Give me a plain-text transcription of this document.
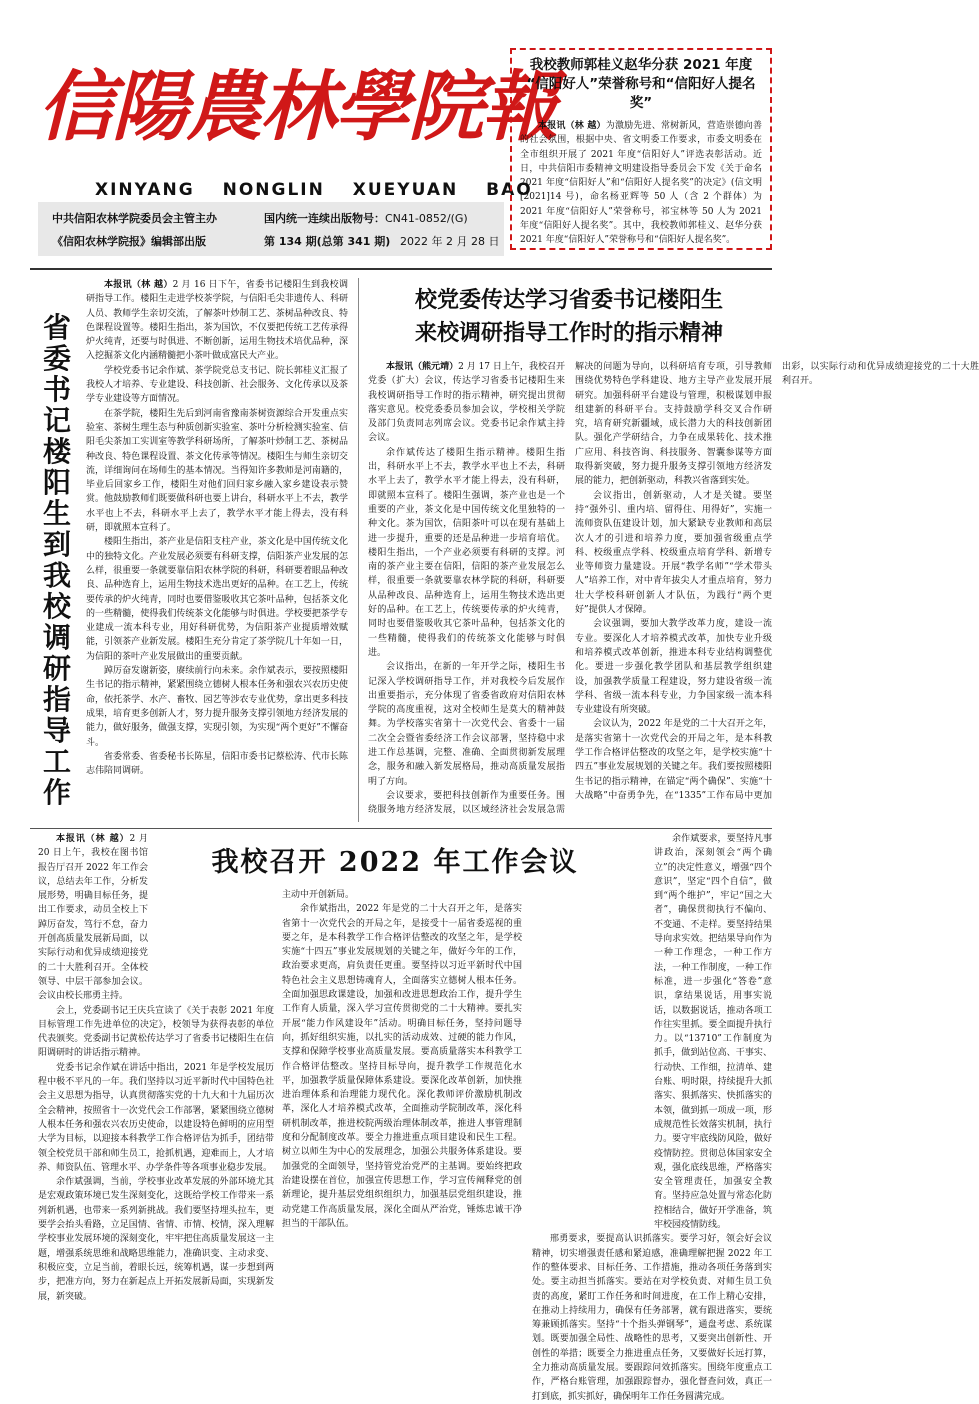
信陽農林學院報
XINYANG NONGLIN XUEYUAN BAO
中共信阳农林学院委员会主管主办	国内统一连续出版物号：CN41-0852/(G)
《信阳农林学院报》编辑部出版	第 134 期(总第 341 期) 2022 年 2 月 28 日
我校教师郭桂义赵华分获 2021 年度
“信阳好人”荣誉称号和“信阳好人提名奖”
本报讯（林 越）为激励先进、常树新风，营造崇德向善的社会氛围，根据中央、省文明委工作要求，市委文明委在全市组织开展了 2021 年度“信阳好人”评选表彰活动。近日，中共信阳市委精神文明建设指导委员会下发《关于命名 2021 年度“信阳好人”和“信阳好人提名奖”的决定》(信文明[2021]14 号)，命名杨亚辉等 50 人（含 2 个群体）为 2021 年度“信阳好人”荣誉称号，祁宝林等 50 人为 2021 年度“信阳好人提名奖”。其中，我校教师郭桂义、赵华分获 2021 年度“信阳好人”荣誉称号和“信阳好人提名奖”。
省委书记楼阳生到我校调研指导工作

本报讯（林 越）2 月 16 日下午，省委书记楼阳生到我校调研指导工作。楼阳生走进学校茶学院，与信阳毛尖非遗传人、科研人员、教师学生亲切交流，了解茶叶炒制工艺、茶树品种改良、特色课程设置等。楼阳生指出，茶为国饮，不仅要把传统工艺传承得炉火纯青，还要与时俱进、不断创新，运用生物技术培优品种，深入挖掘茶文化内涵精髓把小茶叶做成富民大产业。

学校党委书记余作斌、茶学院党总支书记、院长郭桂义汇报了我校人才培养、专业建设、科技创新、社会服务、文化传承以及茶学专业建设等方面情况。

在茶学院，楼阳生先后到河南省豫南茶树资源综合开发重点实验室、茶树生理生态与种质创新实验室、茶叶分析检测实验室、信阳毛尖茶加工实训室等教学科研场所，了解茶叶炒制工艺、茶树品种改良、特色课程设置、茶文化传承等情况。楼阳生与师生亲切交流，详细询问在场师生的基本情况。当得知许多教师是河南籍的，毕业后回家乡工作，楼阳生对他们回归家乡融入家乡建设表示赞赏。他鼓励教师们既要做科研也要上讲台，科研水平上不去，教学水平也上不去，科研水平上去了，教学水平才能上得去，没有科研，即就照本宣科了。

楼阳生指出，茶产业是信阳支柱产业，茶文化是中国传统文化中的独特文化。产业发展必须要有科研支撑，信阳茶产业发展的怎么样，很重要一条就要靠信阳农林学院的科研，科研要着眼品种改良、品种选育上，运用生物技术选出更好的品种。在工艺上，传统要传承的炉火纯青，同时也要借鉴吸收其它茶叶品种，包括茶文化的一些精髓，使得我们传统茶文化能够与时俱进。学校要把茶学专业建成一流本科专业，用好科研优势，为信阳茶产业提质增效赋能，引领茶产业新发展。楼阳生充分肯定了茶学院几十年如一日，为信阳的茶叶产业发展做出的重要贡献。

踔厉奋发谢新姿，赓续前行向未来。余作斌表示，要按照楼阳生书记的指示精神，紧紧围绕立德树人根本任务和强农兴农历史使命，依托茶学、水产、畜牧、园艺等涉农专业优势，拿出更多科技成果，培育更多创新人才，努力提升服务支撑引领地方经济发展的能力，做好服务，做强支撑，实现引领，为实现“两个更好”不懈奋斗。

省委常委、省委秘书长陈星，信阳市委书记蔡松涛、代市长陈志伟陪同调研。

校党委传达学习省委书记楼阳生
来校调研指导工作时的指示精神

本报讯（熊元靖）2 月 17 日上午，我校召开党委（扩大）会议，传达学习省委书记楼阳生来我校调研指导工作时的指示精神，研究提出贯彻落实意见。校党委委员参加会议，学校相关学院及部门负责同志列席会议。党委书记余作斌主持会议。

余作斌传达了楼阳生指示精神。楼阳生指出，科研水平上不去，教学水平也上不去，科研水平上去了，教学水平才能上得去，没有科研，即就照本宣科了。楼阳生强调，茶产业也是一个重要的产业，茶文化是中国传统文化里独特的一种文化。茶为国饮，信阳茶叶可以在现有基础上进一步提升，重要的还是品种进一步培育培优。楼阳生指出，一个产业必须要有科研的支撑。河南的茶产业主要在信阳，信阳的茶产业发展怎么样，很重要一条就要靠农林学院的科研，科研要从品种改良、品种选育上，运用生物技术选出更好的品种。在工艺上，传统要传承的炉火纯青，同时也要借鉴吸收其它茶叶品种，包括茶文化的一些精髓，使得我们的传统茶文化能够与时俱进。

会议指出，在新的一年开学之际，楼阳生书记深入学校调研指导工作，并对我校今后发展作出重要指示，充分体现了省委省政府对信阳农林学院的高度重视，这对全校师生是莫大的精神鼓舞。为学校落实省第十一次党代会、省委十一届二次全会暨省委经济工作会议部署，坚持稳中求进工作总基调，完整、准确、全面贯彻新发展理念，服务和融入新发展格局，推动高质量发展指明了方向。

会议要求，要把科技创新作为重要任务。围绕服务地方经济发展，以区域经济社会发展急需解决的问题为导向，以科研培育专项，引导教师围绕优势特色学科建设、地方主导产业发展开展研究。加强科研平台建设与管理，积极谋划申报组建新的科研平台。支持鼓励学科交叉合作研究，培育研究新疆域，成长潜力大的科技创新团队。强化产学研结合，力争在成果转化、技术推广应用、科技咨询、科技服务、智囊参谋等方面取得新突破，努力提升服务支撑引领地方经济发展的能力，把创新驱动，科教兴省落到实处。

会议指出，创新驱动，人才是关键。要坚持“强外引、重内培、留得住、用得好”，实施一流师资队伍建设计划，加大紧缺专业教师和高层次人才的引进和培养力度，要加强省级重点学科、校级重点学科、校级重点培育学科、新增专业等师资力量建设。开展“教学名师”“学术带头人”培养工作，对中青年拔尖人才重点培育，努力壮大学校科研创新人才队伍，为践行“两个更好”提供人才保障。

会议强调，要加大教学改革力度，建设一流专业。要深化人才培养模式改革，加快专业升级和培养模式改革创新，推进本科专业结构调整优化。要进一步强化教学团队和基层教学组织建设，加强教学质量工程建设，努力建设省级一流学科、省级一流本科专业，力争国家级一流本科专业建设有所突破。

会议认为，2022 年是党的二十大召开之年，是落实省第十一次党代会的开局之年，是本科教学工作合格评估整改的攻坚之年，是学校实施“十四五”事业发展规划的关键之年。我们要按照楼阳生书记的指示精神，在锚定“两个确保”、实施“十大战略”中奋勇争先，在“1335”工作布局中更加出彩，以实际行动和优异成绩迎接党的二十大胜利召开。

我校召开 2022 年工作会议

本报讯（林 越）2 月 20 日上午，我校在图书馆报告厅召开 2022 年工作会议，总结去年工作，分析发展形势，明确目标任务，提出工作要求，动员全校上下踔厉奋发，笃行不怠，奋力开创高质量发展新局面，以实际行动和优异成绩迎接党的二十大胜利召开。全体校领导、中层干部参加会议。会议由校长邢勇主持。

会上，党委副书记王庆兵宣读了《关于表彰 2021 年度目标管理工作先进单位的决定》，校领导为获得表彰的单位代表颁奖。党委副书记黄松传达学习了省委书记楼阳生在信阳调研时的讲话指示精神。

党委书记余作斌在讲话中指出，2021 年是学校发展历程中极不平凡的一年。我们坚持以习近平新时代中国特色社会主义思想为指导，认真贯彻落实党的十九大和十九届历次全会精神，按照省十一次党代会工作部署，紧紧围绕立德树人根本任务和强农兴农历史使命，以建设特色鲜明的应用型大学为目标，以迎接本科教学工作合格评估为抓手，团结带领全校党员干部和师生员工，抢抓机遇，迎难而上，人才培养、师资队伍、管理水平、办学条件等各项事业稳步发展。

余作斌强调，当前，学校事业改革发展的外部环境尤其是宏观政策环境已发生深刻变化，这既给学校工作带来一系列新机遇，也带来一系列新挑战。我们要坚持埋头拉车，更要学会抬头看路，立足国情、省情、市情、校情，深入理解学校事业发展环境的深刻变化，牢牢把住高质量发展这一主题，增强系统思维和战略思维能力，准确识变、主动求变、积极应变，立足当前，着眼长远，统筹机遇，谋一步想到两步，把准方向，努力在新起点上开拓发展新局面，实现新发展，新突破。

主动中开创新局。

余作斌指出，2022 年是党的二十大召开之年，是落实省第十一次党代会的开局之年，是接受十一届省委巡视的重要之年，是本科教学工作合格评估整改的攻坚之年，是学校实施“十四五”事业发展规划的关键之年，做好今年的工作，政治要求更高，肩负责任更重。要坚持以习近平新时代中国特色社会主义思想铸魂育人，全面落实立德树人根本任务。全面加强思政课建设，加强和改进思想政治工作，提升学生工作育人质量，深入学习宣传贯彻党的二十大精神。要扎实开展“能力作风建设年”活动。明确目标任务，坚持问题导向，抓好组织实施，以扎实的活动成效、过硬的能力作风，支撑和保障学校事业高质量发展。要高质量落实本科教学工作合格评估整改。坚持目标导向，提升教学工作规范化水平，加强教学质量保障体系建设。要深化改革创新，加快推进治理体系和治理能力现代化。深化教师评价激励机制改革，深化人才培养模式改革，全面推动学院制改革，深化科研机制改革，推进校院两级治理体制改革，推进人事管理制度和分配制度改革。要全力推进重点项目建设和民生工程。树立以师生为中心的发展理念，加强公共服务体系建设。要加强党的全面领导，坚持管党治党严的主基调。要始终把政治建设摆在首位，加强宣传思想工作，学习宣传阐释党的创新理论，提升基层党组织组织力，加强基层党组织建设，推动党建工作高质量发展，深化全面从严治党，锤炼忠诚干净担当的干部队伍。

余作斌要求，要坚持凡事讲政治，深刻领会“两个确立”的决定性意义，增强“四个意识”，坚定“四个自信”，做到“两个维护”，牢记“国之大者”，确保贯彻执行不偏向、不变通、不走样。要坚持结果导向求实效。把结果导向作为一种工作理念，一种工作方法，一种工作制度，一种工作标准，进一步强化“答卷”意识，拿结果说话，用事实说话，以数据说话，推动各项工作往实里抓。要全面提升执行力。以“13710”工作制度为抓手，做到站位高、干事实、行动快、工作细，拉清单、建台账、明时限，持续提升大抓落实、狠抓落实、快抓落实的本领，做到抓一项成一项，形成规范性长效落实机制，执行力。要守牢底线防风险，做好疫情防控。贯彻总体国家安全观，强化底线思维，严格落实安全管理责任，加强安全教育。坚持应急处置与常态化防控相结合，做好开学准备，筑牢校园疫情防线。

邢勇要求，要提高认识抓落实。要学习好，领会好会议精神，切实增强责任感和紧迫感，准确理解把握 2022 年工作的整体要求、目标任务、工作措施，推动各项任务落到实处。要主动担当抓落实。要站在对学校负责、对师生员工负责的高度，紧盯工作任务和时间进度，在工作上精心安排，在推动上持续用力，确保有任务部署，就有跟进落实，要统筹兼顾抓落实。坚持“十个指头弹钢琴”，通盘考虑、系统谋划。既要加强全局性、战略性的思考，又要突出创新性、开创性的举措；既要全力推进重点任务，又要做好长远打算，全力推动高质量发展。要跟踪问效抓落实。围绕年度重点工作，严格台账管理，加强跟踪督办，强化督查问效，真正一打到底，抓实抓好，确保明年工作任务圆满完成。
